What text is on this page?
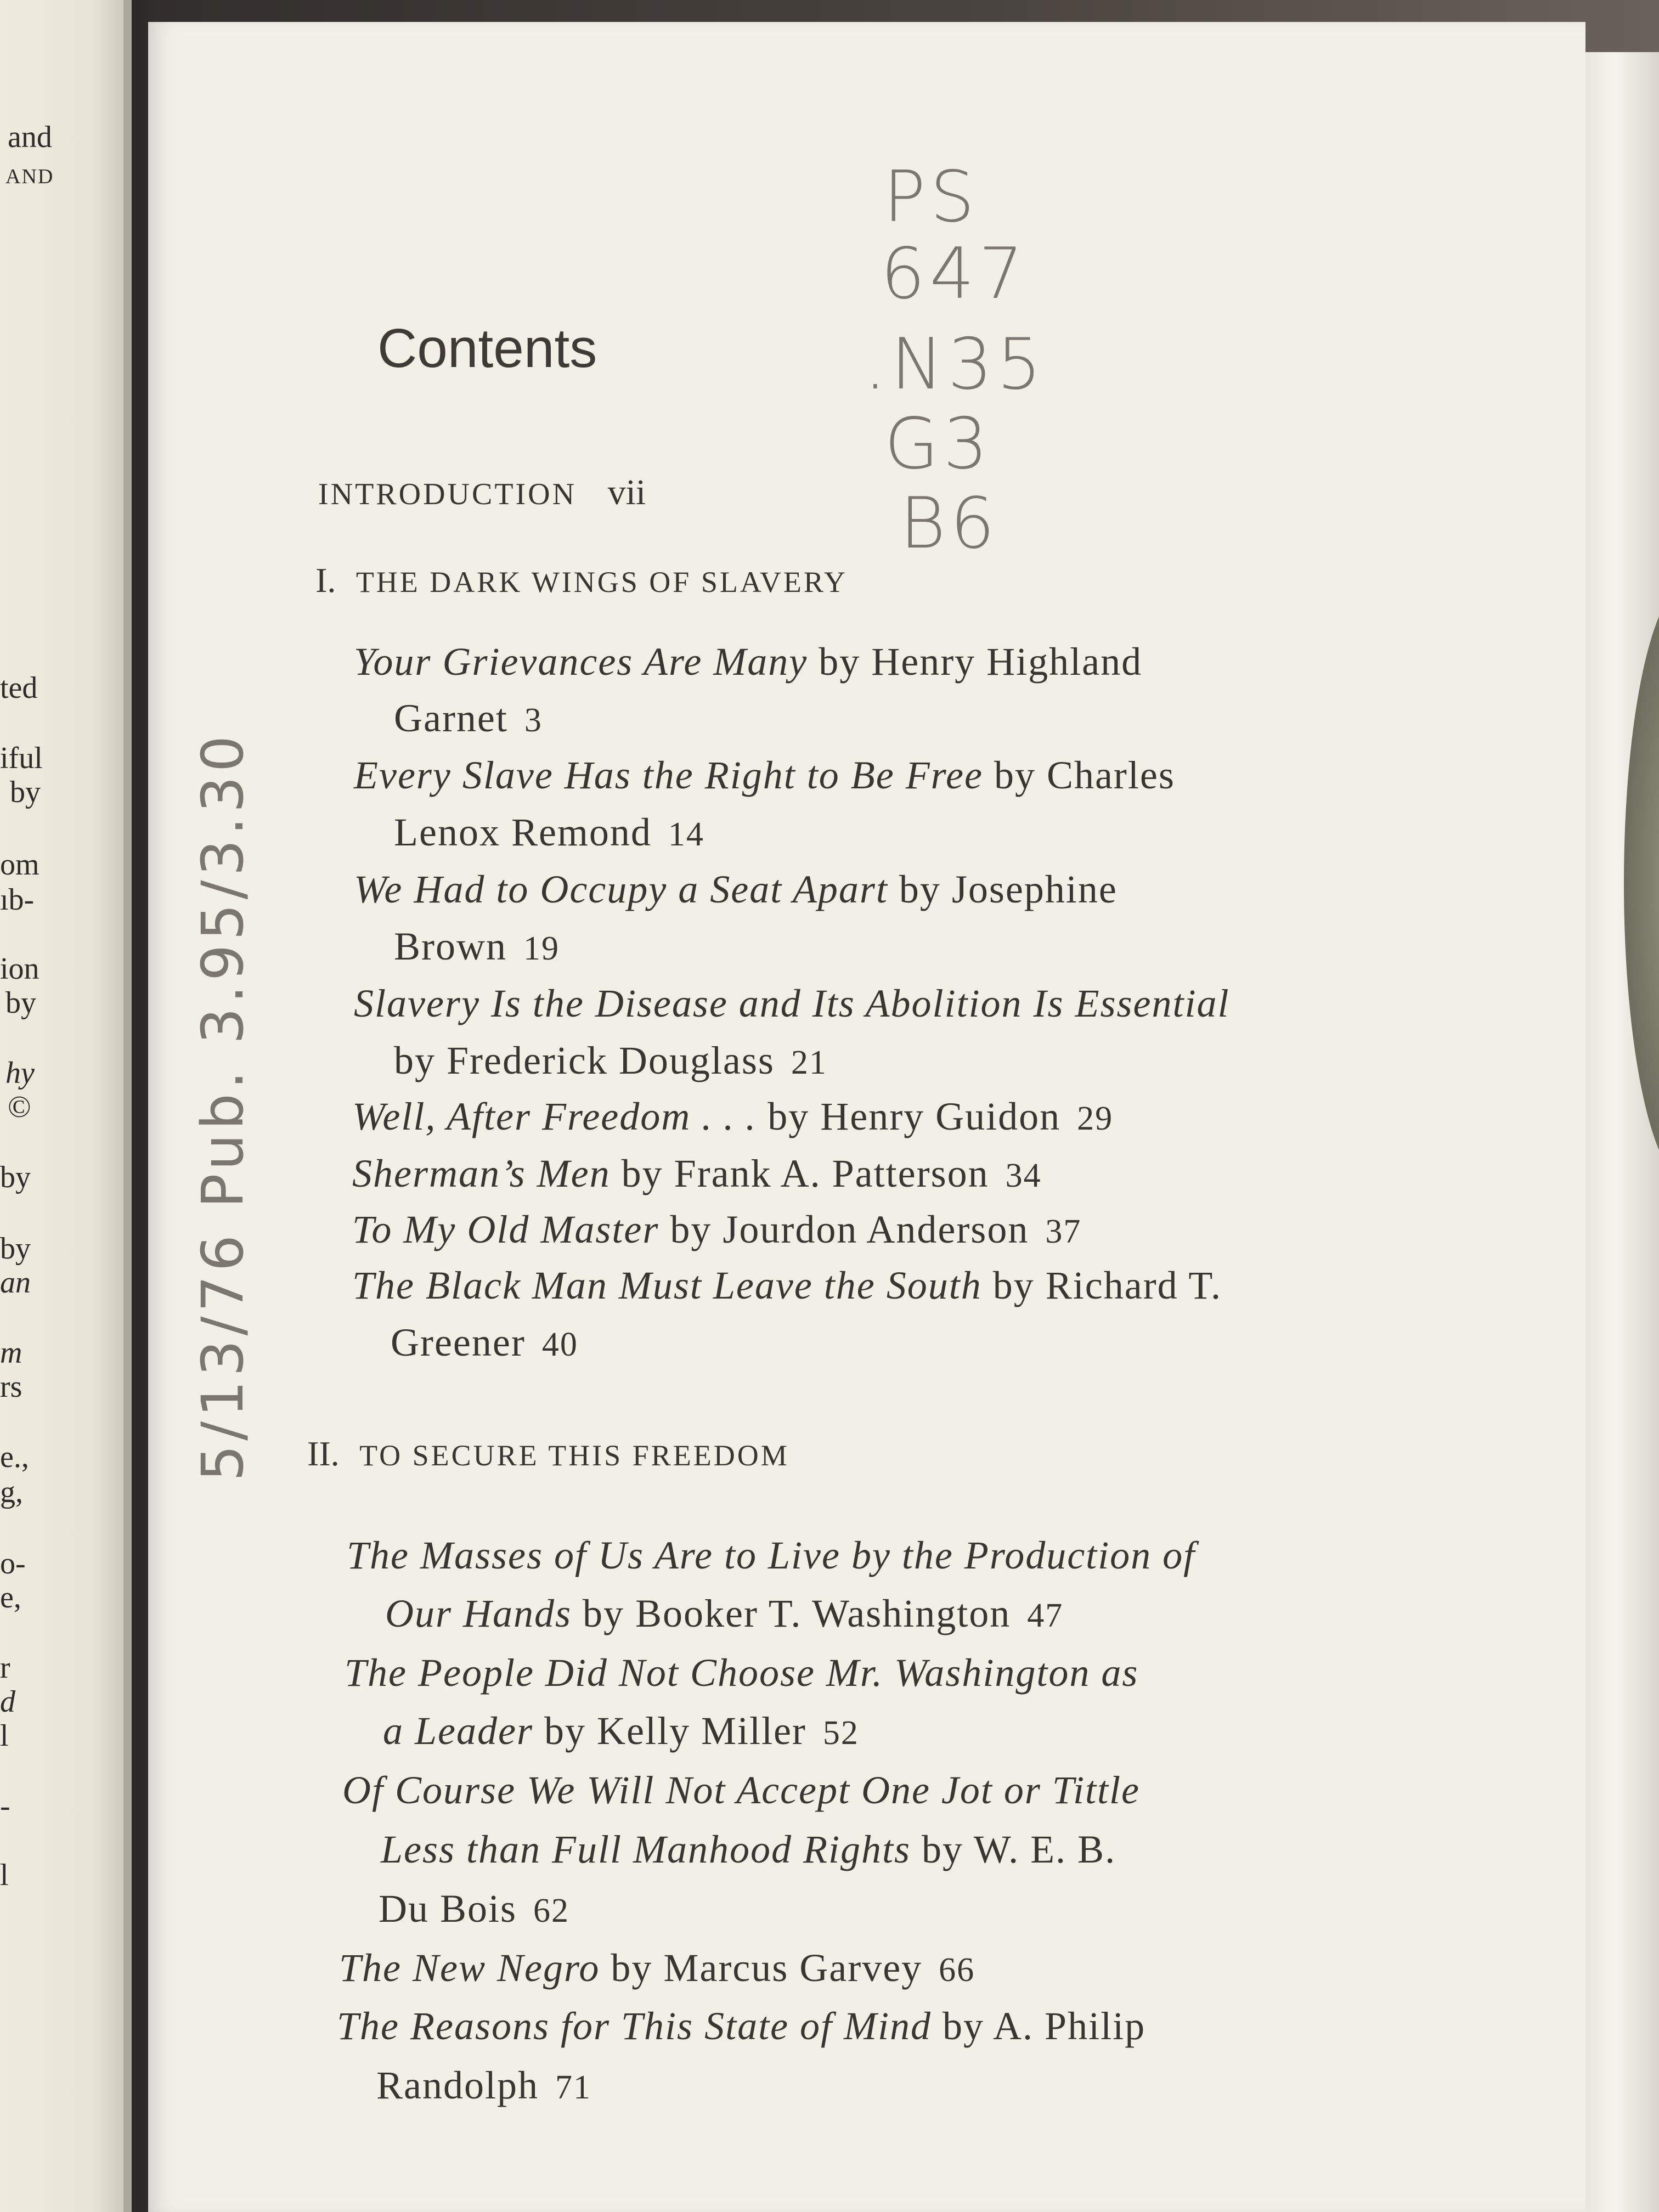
and
AND
ted
iful
by
om
ıb-
ion
by
hy
©
by
by
an
m
rs
e.,
g,
o-
e,
r
d
l
-
l
PS
647
.N35
G3
B6
5/13/76 Pub. 3.95/3.30
Contents
INTRODUCTION vii
I. THE DARK WINGS OF SLAVERY
Your Grievances Are Many by Henry Highland
Garnet 3
Every Slave Has the Right to Be Free by Charles
Lenox Remond 14
We Had to Occupy a Seat Apart by Josephine
Brown 19
Slavery Is the Disease and Its Abolition Is Essential
by Frederick Douglass 21
Well, After Freedom . . . by Henry Guidon 29
Sherman’s Men by Frank A. Patterson 34
To My Old Master by Jourdon Anderson 37
The Black Man Must Leave the South by Richard T.
Greener 40
II. TO SECURE THIS FREEDOM
The Masses of Us Are to Live by the Production of
Our Hands by Booker T. Washington 47
The People Did Not Choose Mr. Washington as
a Leader by Kelly Miller 52
Of Course We Will Not Accept One Jot or Tittle
Less than Full Manhood Rights by W. E. B.
Du Bois 62
The New Negro by Marcus Garvey 66
The Reasons for This State of Mind by A. Philip
Randolph 71
